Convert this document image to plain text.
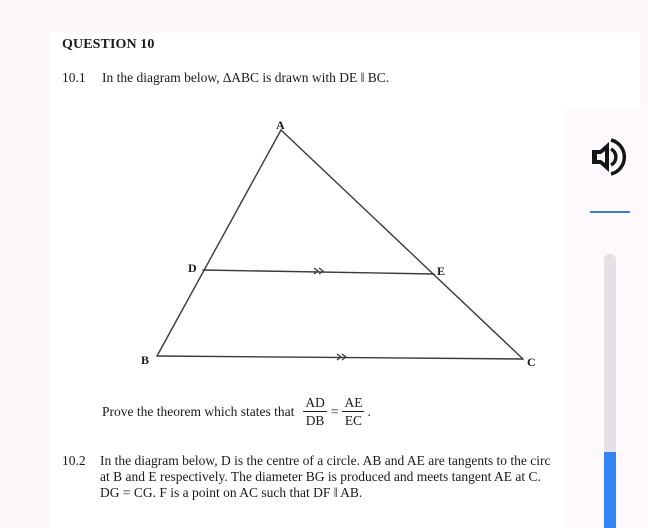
QUESTION 10
10.1 In the diagram below, ∆ABC is drawn with DE ‖ BC.
A
D	E
B	C
Prove the theorem which states that $\frac{AD}{DB} = \frac{AE}{EC}$ .
10.2 In the diagram below, D is the centre of a circle. AB and AE are tangents to the circ
at B and E respectively. The diameter BG is produced and meets tangent AE at C.
DG = CG. F is a point on AC such that DF ‖ AB.
